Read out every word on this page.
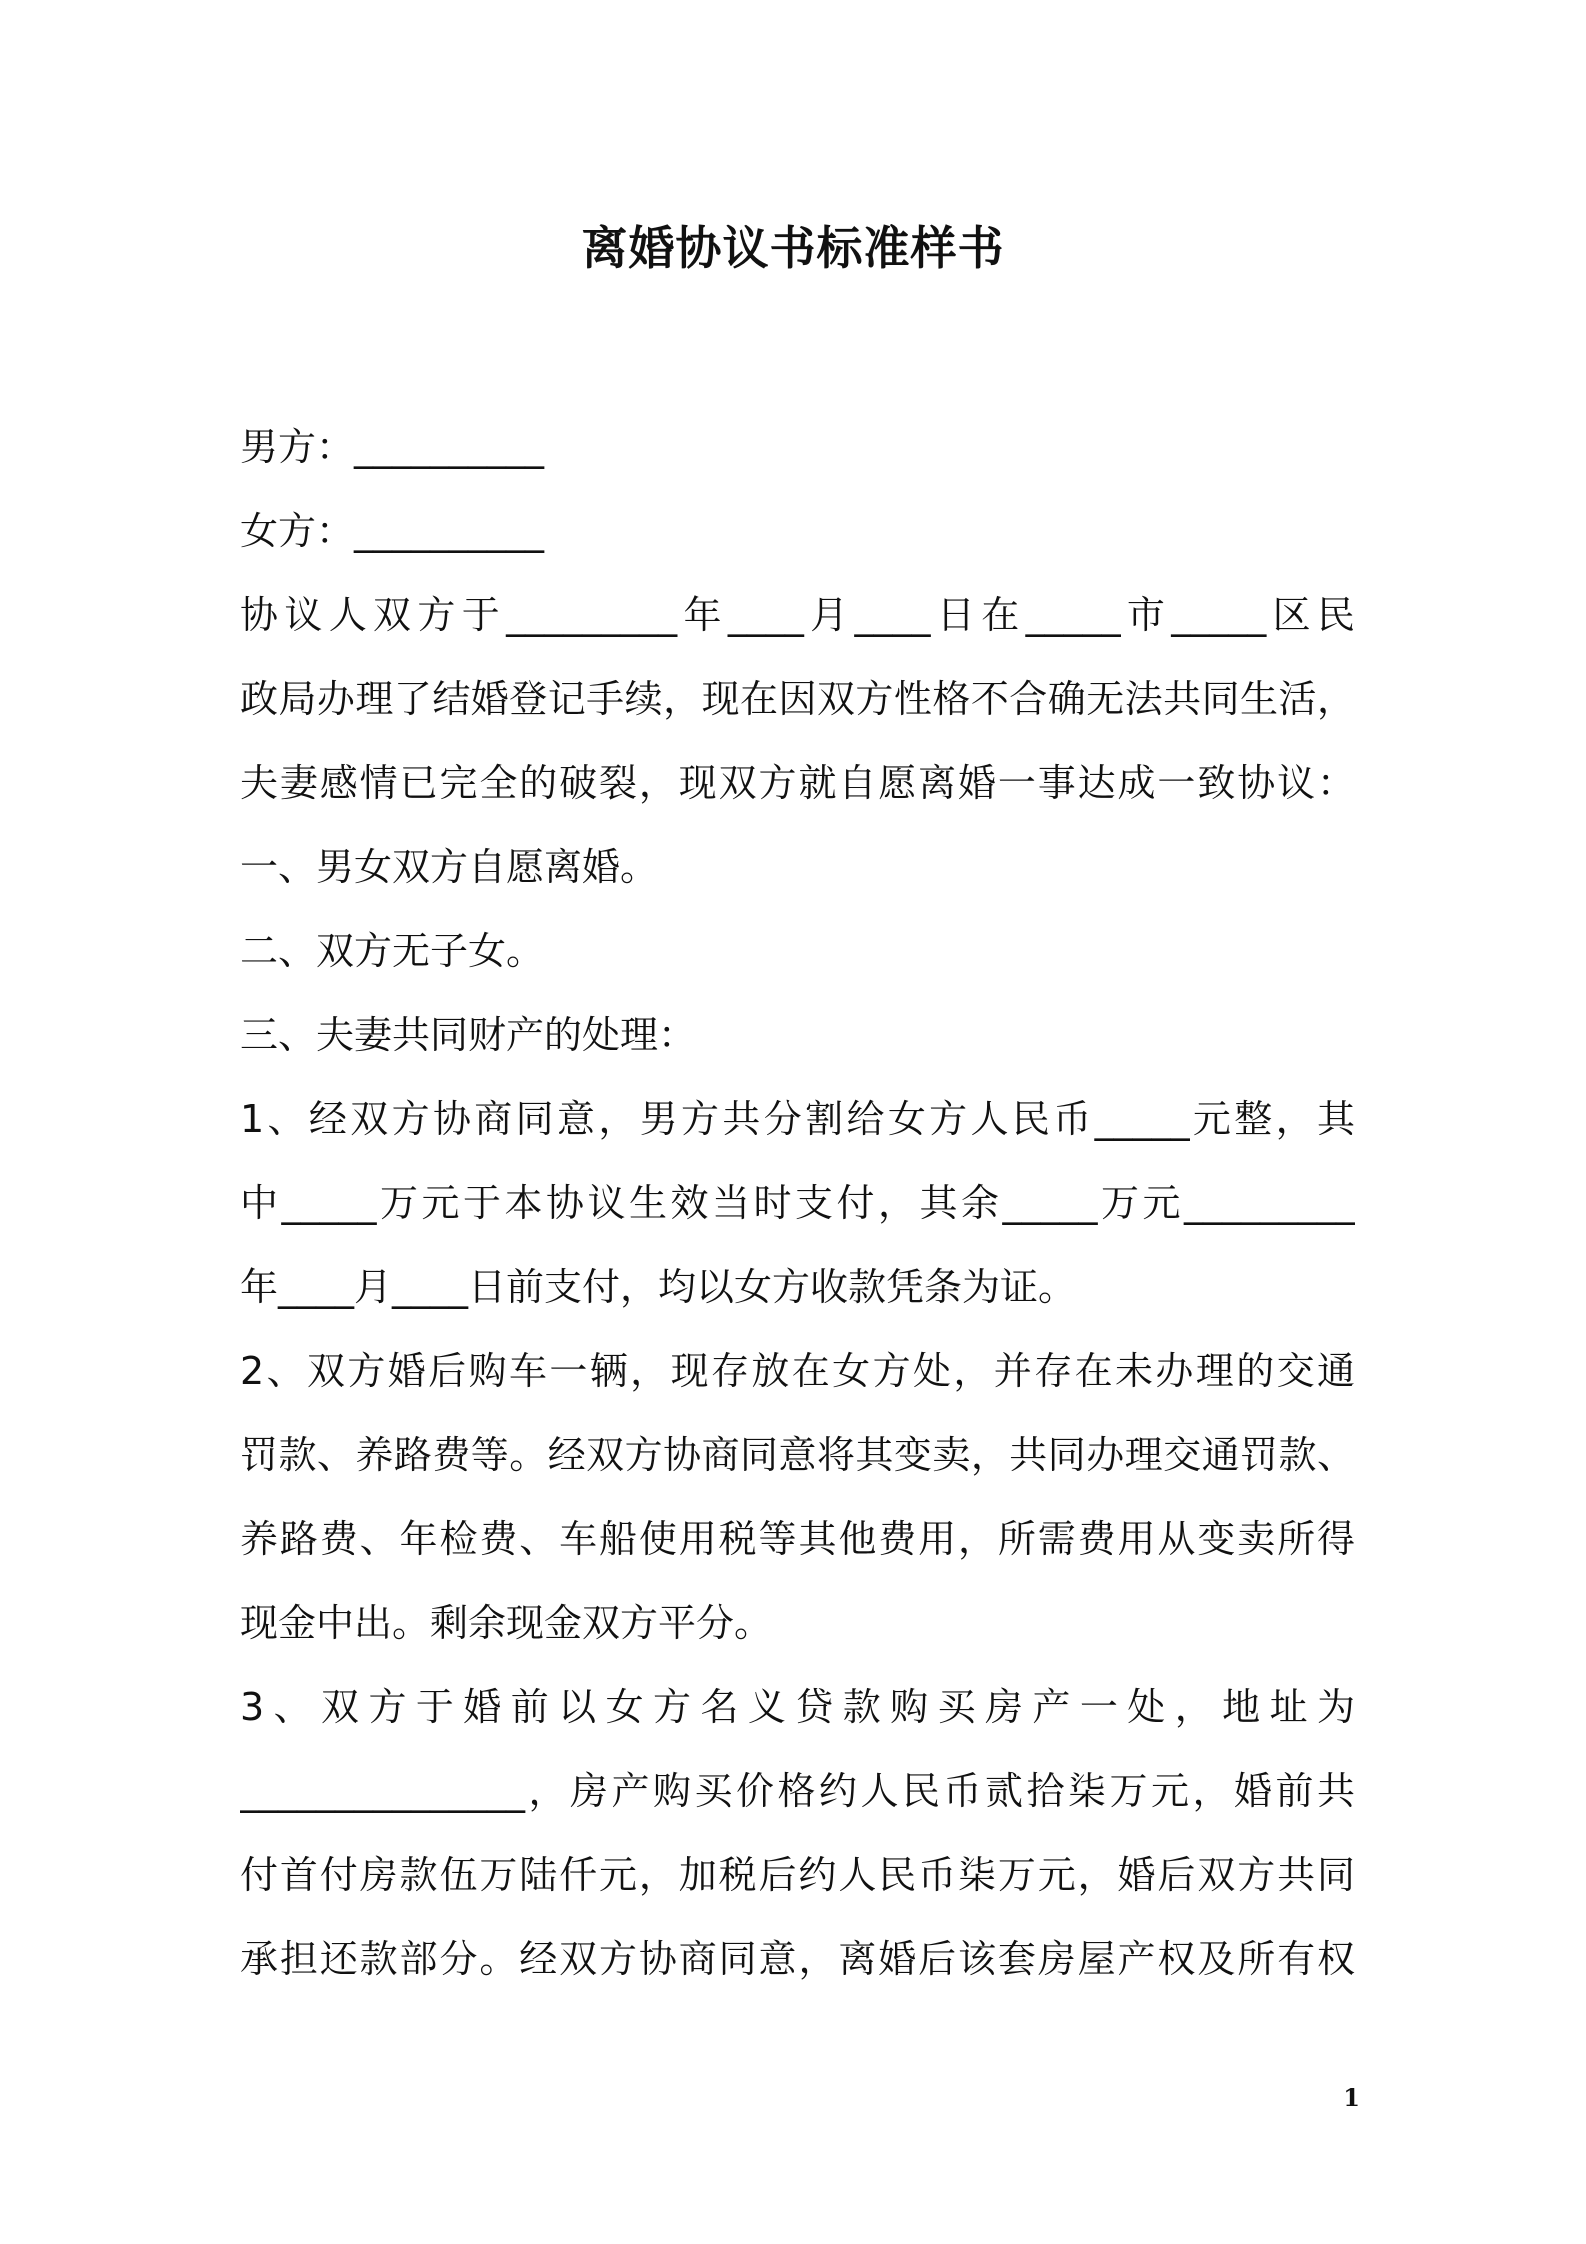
离婚协议书标准样书
男方：__________
女方：__________
协议人双方于_________年____月____日在_____市_____区民
政局办理了结婚登记手续，现在因双方性格不合确无法共同生活，
夫妻感情已完全的破裂，现双方就自愿离婚一事达成一致协议：
一、男女双方自愿离婚。
二、双方无子女。
三、夫妻共同财产的处理：
1、经双方协商同意，男方共分割给女方人民币_____元整，其
中_____万元于本协议生效当时支付，其余_____万元_________
年____月____日前支付，均以女方收款凭条为证。
2、双方婚后购车一辆，现存放在女方处，并存在未办理的交通
罚款、养路费等。经双方协商同意将其变卖，共同办理交通罚款、
养路费、年检费、车船使用税等其他费用，所需费用从变卖所得
现金中出。剩余现金双方平分。
3、双方于婚前以女方名义贷款购买房产一处，地址为
_______________，房产购买价格约人民币贰拾柒万元，婚前共
付首付房款伍万陆仟元，加税后约人民币柒万元，婚后双方共同
承担还款部分。经双方协商同意，离婚后该套房屋产权及所有权
1
